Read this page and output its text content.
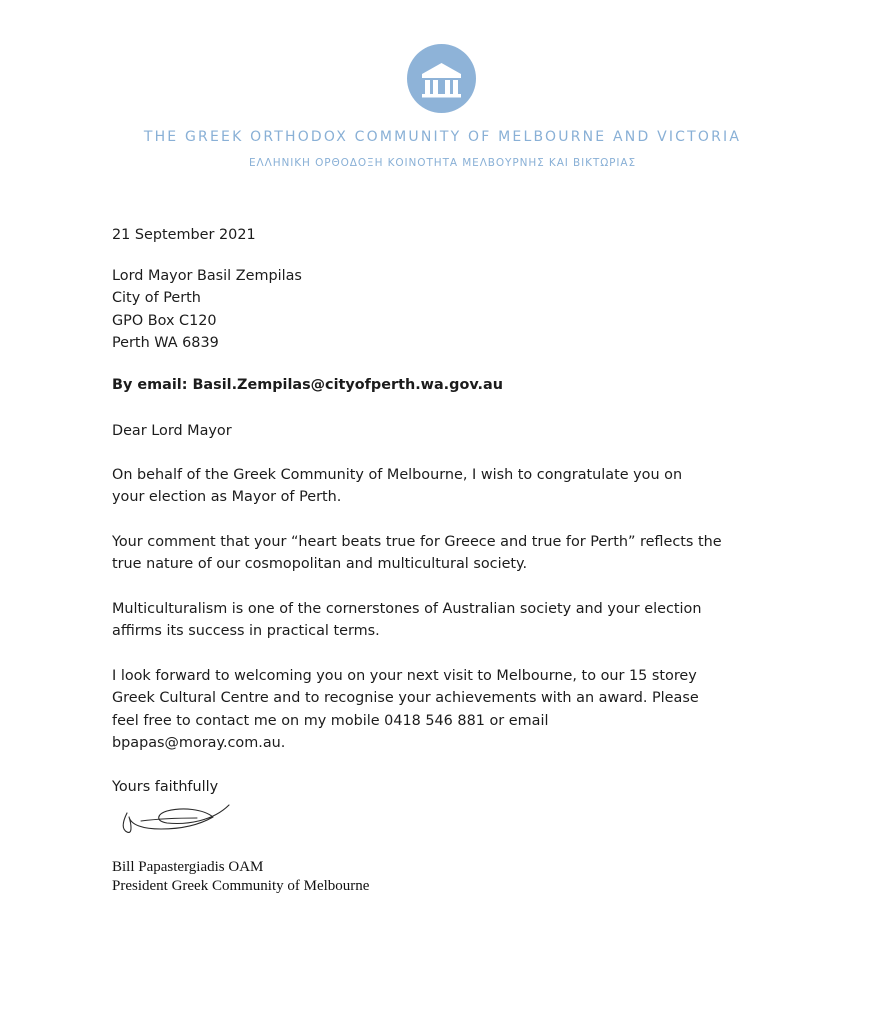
THE GREEK ORTHODOX COMMUNITY OF MELBOURNE AND VICTORIA
ΕΛΛΗΝΙΚΗ ΟΡΘΟΔΟΞΗ ΚΟΙΝΟΤΗΤΑ ΜΕΛΒΟΥΡΝΗΣ ΚΑΙ ΒΙΚΤΩΡΙΑΣ
21 September 2021
Lord Mayor Basil Zempilas
City of Perth
GPO Box C120
Perth WA 6839
By email: Basil.Zempilas@cityofperth.wa.gov.au
Dear Lord Mayor
On behalf of the Greek Community of Melbourne, I wish to congratulate you on
your election as Mayor of Perth.
Your comment that your “heart beats true for Greece and true for Perth” reflects the
true nature of our cosmopolitan and multicultural society.
Multiculturalism is one of the cornerstones of Australian society and your election
affirms its success in practical terms.
I look forward to welcoming you on your next visit to Melbourne, to our 15 storey
Greek Cultural Centre and to recognise your achievements with an award. Please
feel free to contact me on my mobile 0418 546 881 or email
bpapas@moray.com.au.
Yours faithfully
Bill Papastergiadis OAM
President Greek Community of Melbourne
